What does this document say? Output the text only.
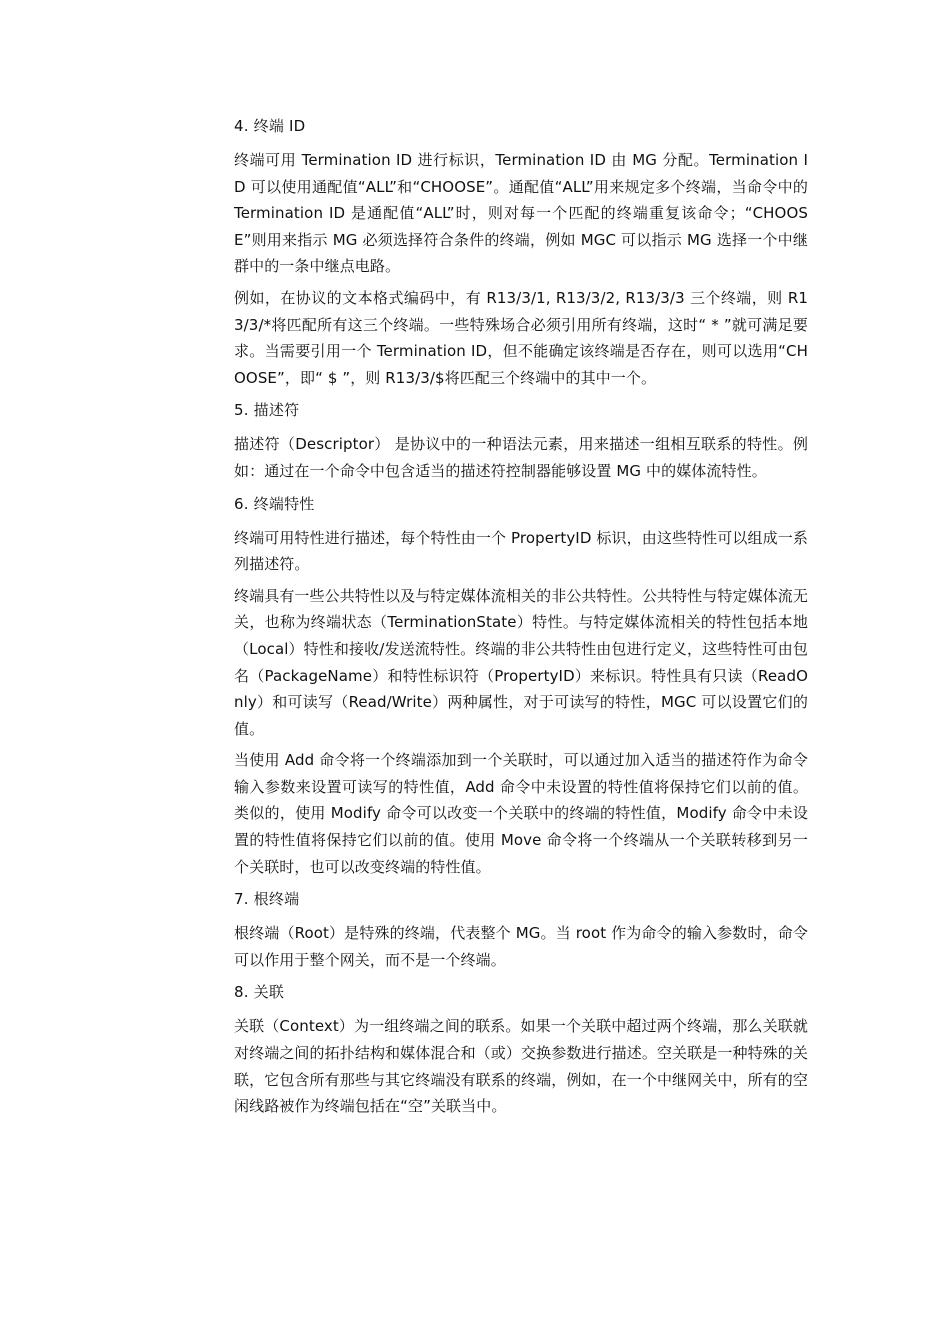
4. 终端 ID

终端可用 Termination ID 进行标识，Termination ID 由 MG 分配。Termination ID 可以使用通配值“ALL”和“CHOOSE”。通配值“ALL”用来规定多个终端，当命令中的 Termination ID 是通配值“ALL”时，则对每一个匹配的终端重复该命令；“CHOOSE”则用来指示 MG 必须选择符合条件的终端，例如 MGC 可以指示 MG 选择一个中继群中的一条中继点电路。

例如，在协议的文本格式编码中，有 R13/3/1, R13/3/2, R13/3/3 三个终端，则 R13/3/*将匹配所有这三个终端。一些特殊场合必须引用所有终端，这时“ * ”就可满足要求。当需要引用一个 Termination ID，但不能确定该终端是否存在，则可以选用“CHOOSE”，即“ $ ”，则 R13/3/$将匹配三个终端中的其中一个。

5. 描述符

描述符（Descriptor） 是协议中的一种语法元素，用来描述一组相互联系的特性。例如：通过在一个命令中包含适当的描述符控制器能够设置 MG 中的媒体流特性。

6. 终端特性

终端可用特性进行描述，每个特性由一个 PropertyID 标识，由这些特性可以组成一系列描述符。

终端具有一些公共特性以及与特定媒体流相关的非公共特性。公共特性与特定媒体流无关，也称为终端状态（TerminationState）特性。与特定媒体流相关的特性包括本地（Local）特性和接收/发送流特性。终端的非公共特性由包进行定义，这些特性可由包名（PackageName）和特性标识符（PropertyID）来标识。特性具有只读（ReadOnly）和可读写（Read/Write）两种属性，对于可读写的特性，MGC 可以设置它们的值。

当使用 Add 命令将一个终端添加到一个关联时，可以通过加入适当的描述符作为命令输入参数来设置可读写的特性值，Add 命令中未设置的特性值将保持它们以前的值。类似的，使用 Modify 命令可以改变一个关联中的终端的特性值，Modify 命令中未设置的特性值将保持它们以前的值。使用 Move 命令将一个终端从一个关联转移到另一个关联时，也可以改变终端的特性值。

7. 根终端

根终端（Root）是特殊的终端，代表整个 MG。当 root 作为命令的输入参数时，命令可以作用于整个网关，而不是一个终端。

8. 关联

关联（Context）为一组终端之间的联系。如果一个关联中超过两个终端，那么关联就对终端之间的拓扑结构和媒体混合和（或）交换参数进行描述。空关联是一种特殊的关联，它包含所有那些与其它终端没有联系的终端，例如，在一个中继网关中，所有的空闲线路被作为终端包括在“空”关联当中。
